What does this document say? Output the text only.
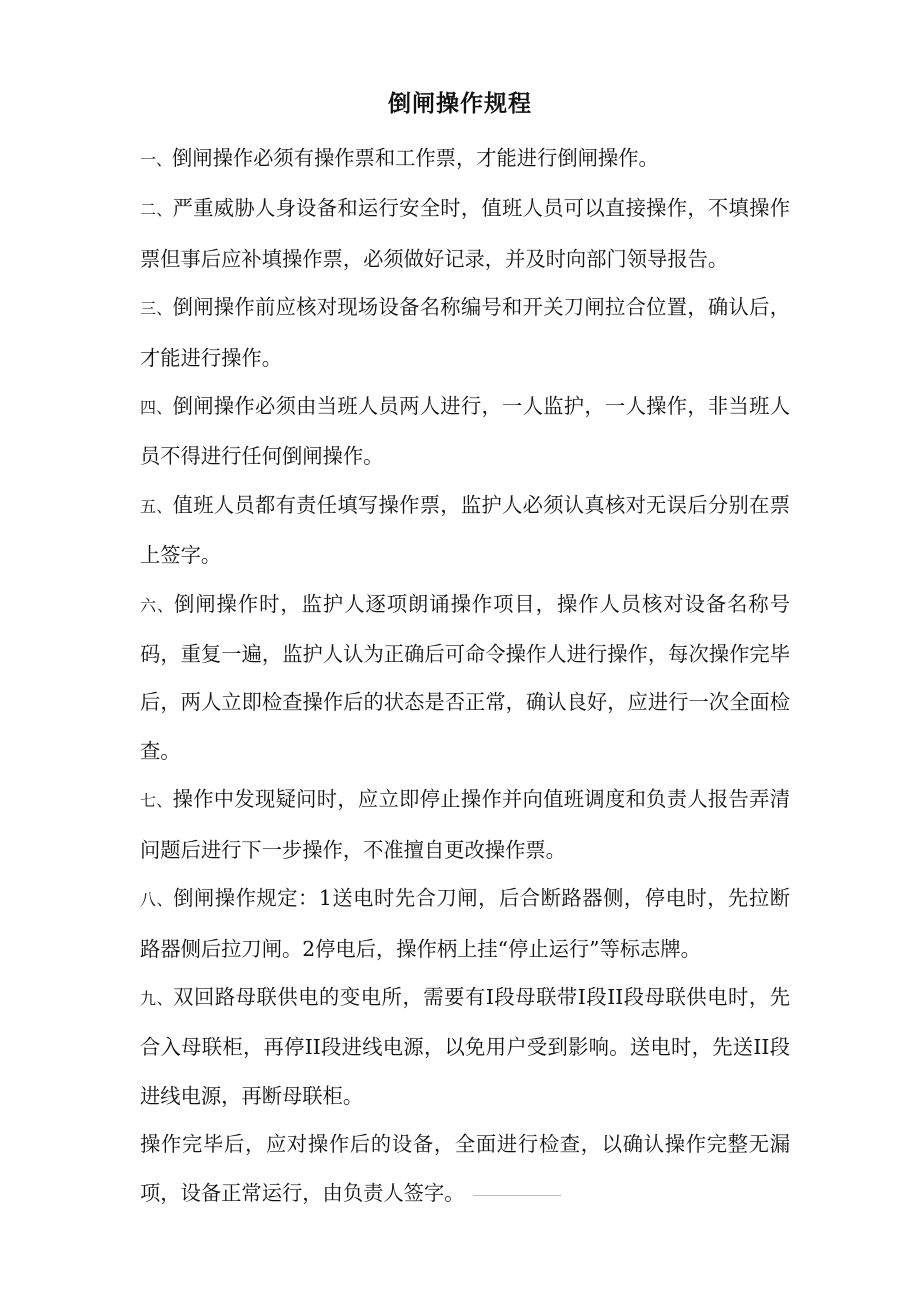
倒闸操作规程

一、倒闸操作必须有操作票和工作票，才能进行倒闸操作。

二、严重威胁人身设备和运行安全时，值班人员可以直接操作，不填操作票但事后应补填操作票，必须做好记录，并及时向部门领导报告。

三、倒闸操作前应核对现场设备名称编号和开关刀闸拉合位置，确认后，才能进行操作。

四、倒闸操作必须由当班人员两人进行，一人监护，一人操作，非当班人员不得进行任何倒闸操作。

五、值班人员都有责任填写操作票，监护人必须认真核对无误后分别在票上签字。

六、倒闸操作时，监护人逐项朗诵操作项目，操作人员核对设备名称号码，重复一遍，监护人认为正确后可命令操作人进行操作，每次操作完毕后，两人立即检查操作后的状态是否正常，确认良好，应进行一次全面检查。

七、操作中发现疑问时，应立即停止操作并向值班调度和负责人报告弄清问题后进行下一步操作，不准擅自更改操作票。

八、倒闸操作规定：1送电时先合刀闸，后合断路器侧，停电时，先拉断路器侧后拉刀闸。2停电后，操作柄上挂“停止运行”等标志牌。

九、双回路母联供电的变电所，需要有I段母联带I段II段母联供电时，先合入母联柜，再停II段进线电源，以免用户受到影响。送电时，先送II段进线电源，再断母联柜。

操作完毕后，应对操作后的设备，全面进行检查，以确认操作完整无漏项，设备正常运行，由负责人签字。
